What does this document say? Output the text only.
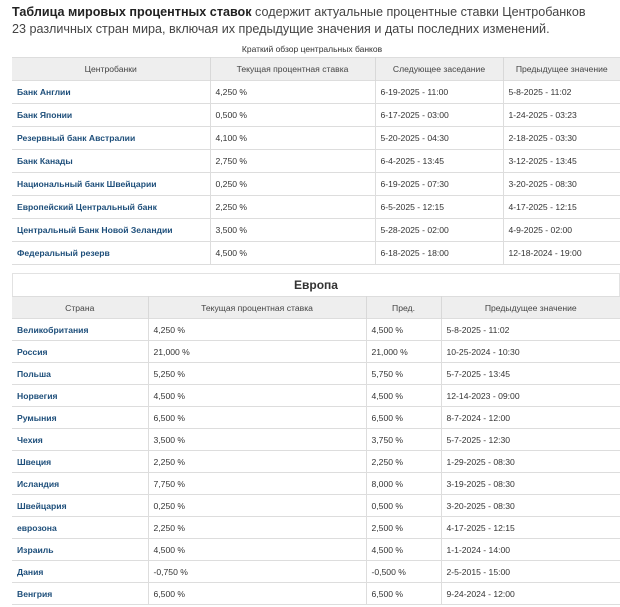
Таблица мировых процентных ставок содержит актуальные процентные ставки Центробанков 23 различных стран мира, включая их предыдущие значения и даты последних изменений.

Краткий обзор центральных банков
Центробанки	Текущая процентная ставка	Следующее заседание	Предыдущее значение
Банк Англии	4,250 %	6-19-2025 - 11:00	5-8-2025 - 11:02
Банк Японии	0,500 %	6-17-2025 - 03:00	1-24-2025 - 03:23
Резервный банк Австралии	4,100 %	5-20-2025 - 04:30	2-18-2025 - 03:30
Банк Канады	2,750 %	6-4-2025 - 13:45	3-12-2025 - 13:45
Национальный банк Швейцарии	0,250 %	6-19-2025 - 07:30	3-20-2025 - 08:30
Европейский Центральный банк	2,250 %	6-5-2025 - 12:15	4-17-2025 - 12:15
Центральный Банк Новой Зеландии	3,500 %	5-28-2025 - 02:00	4-9-2025 - 02:00
Федеральный резерв	4,500 %	6-18-2025 - 18:00	12-18-2024 - 19:00
Европа
Страна	Текущая процентная ставка	Пред.	Предыдущее значение
Великобритания	4,250 %	4,500 %	5-8-2025 - 11:02
Россия	21,000 %	21,000 %	10-25-2024 - 10:30
Польша	5,250 %	5,750 %	5-7-2025 - 13:45
Норвегия	4,500 %	4,500 %	12-14-2023 - 09:00
Румыния	6,500 %	6,500 %	8-7-2024 - 12:00
Чехия	3,500 %	3,750 %	5-7-2025 - 12:30
Швеция	2,250 %	2,250 %	1-29-2025 - 08:30
Исландия	7,750 %	8,000 %	3-19-2025 - 08:30
Швейцария	0,250 %	0,500 %	3-20-2025 - 08:30
еврозона	2,250 %	2,500 %	4-17-2025 - 12:15
Израиль	4,500 %	4,500 %	1-1-2024 - 14:00
Дания	-0,750 %	-0,500 %	2-5-2015 - 15:00
Венгрия	6,500 %	6,500 %	9-24-2024 - 12:00
